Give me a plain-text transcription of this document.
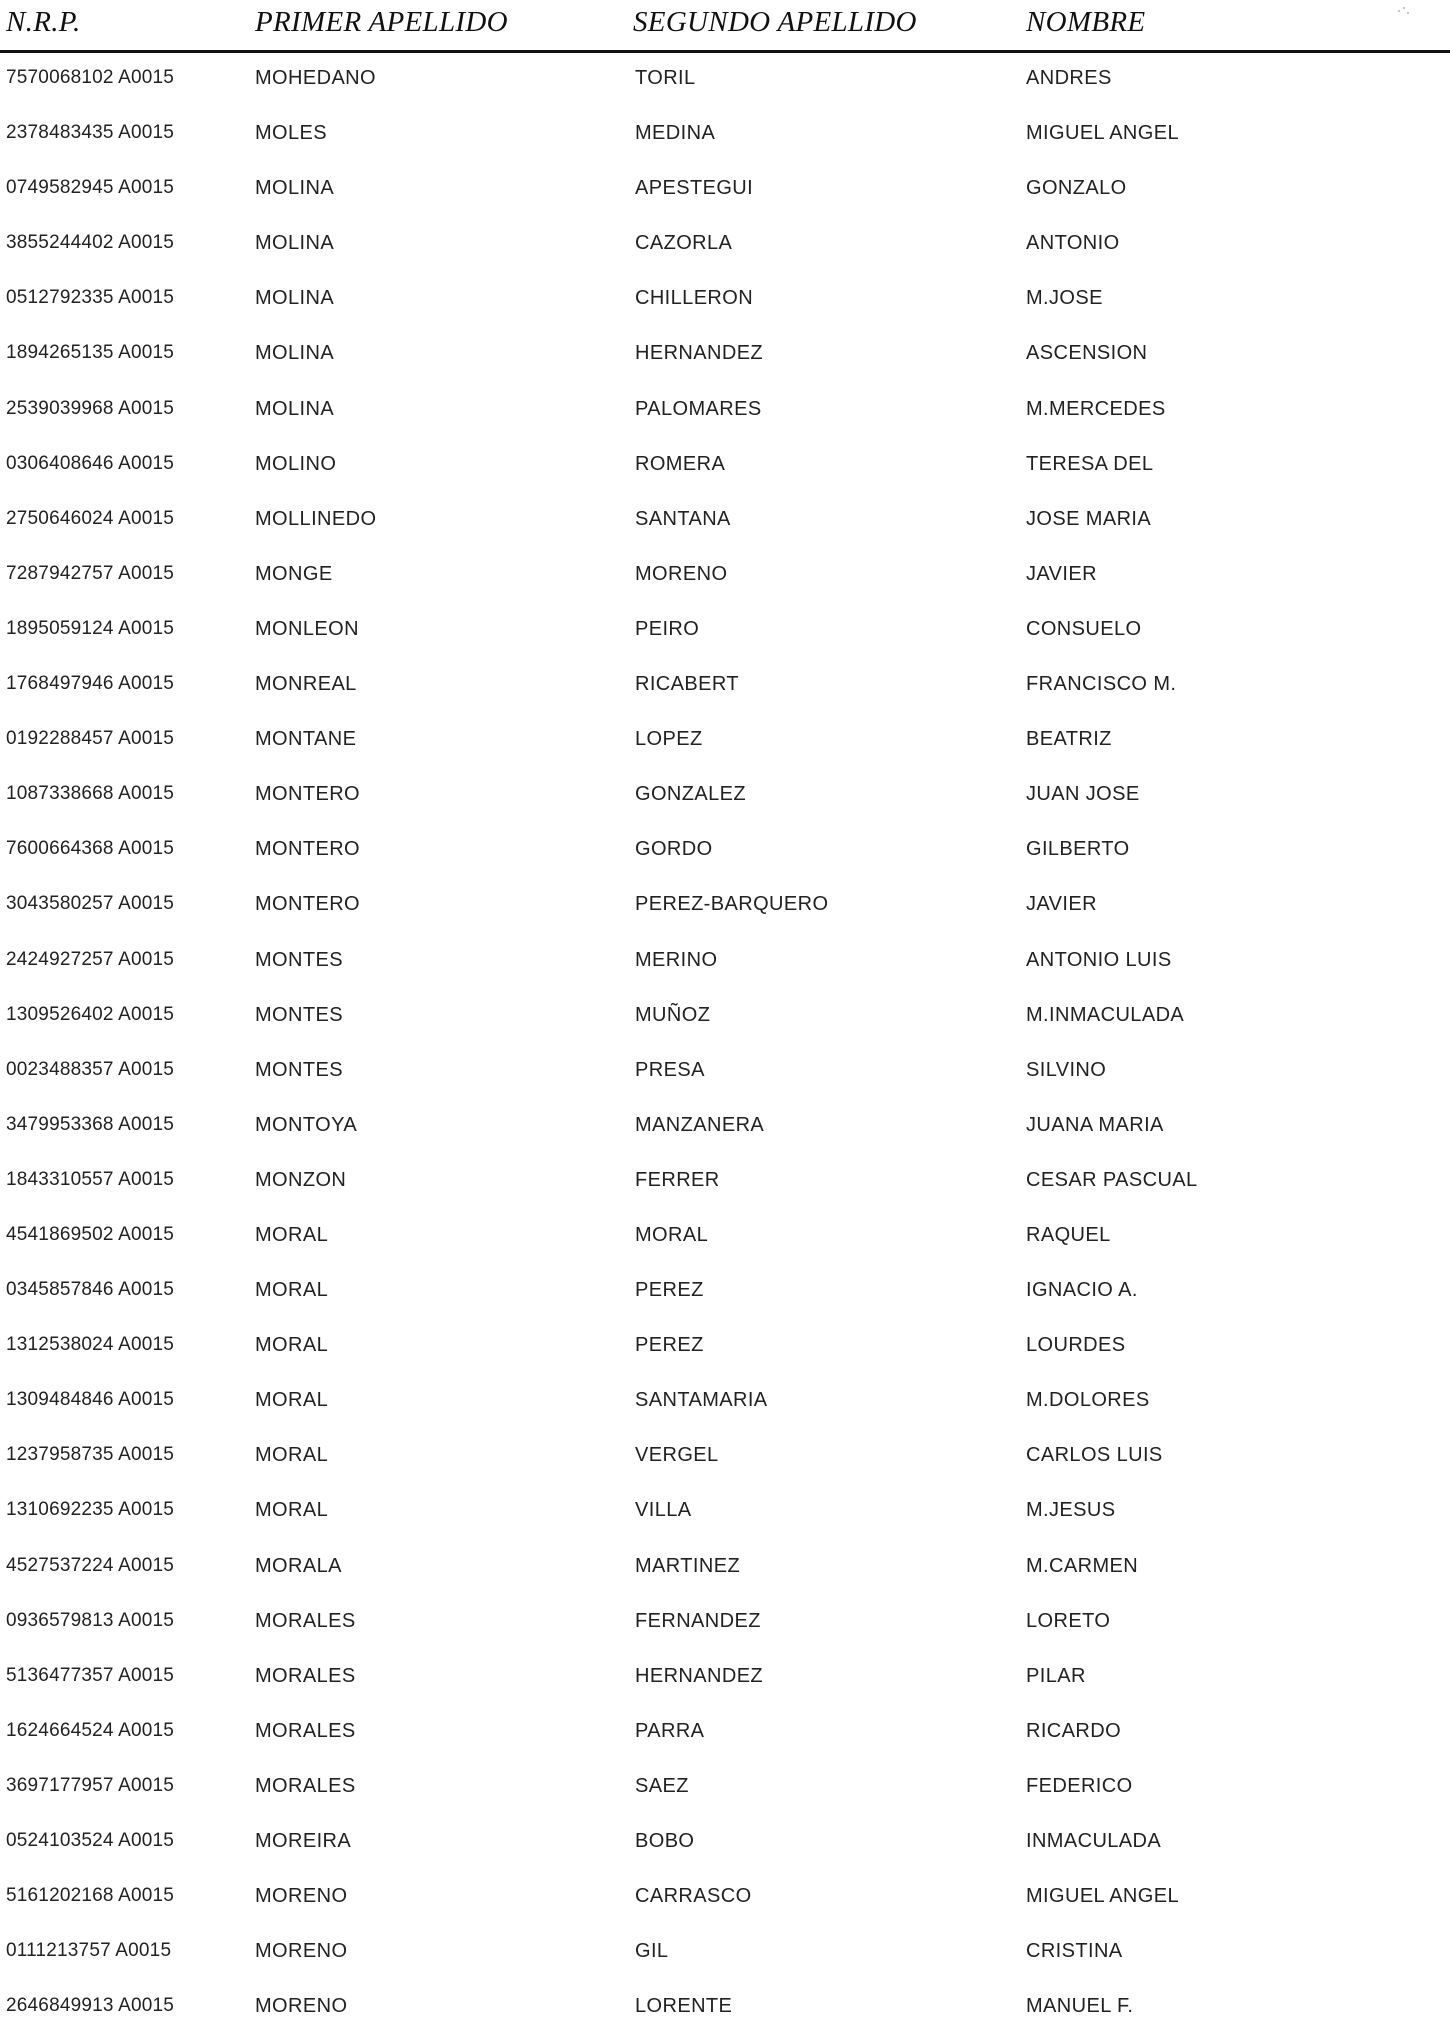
N.R.P.	PRIMER APELLIDO	SEGUNDO APELLIDO	NOMBRE
7570068102 A0015	MOHEDANO	TORIL	ANDRES
2378483435 A0015	MOLES	MEDINA	MIGUEL ANGEL
0749582945 A0015	MOLINA	APESTEGUI	GONZALO
3855244402 A0015	MOLINA	CAZORLA	ANTONIO
0512792335 A0015	MOLINA	CHILLERON	M.JOSE
1894265135 A0015	MOLINA	HERNANDEZ	ASCENSION
2539039968 A0015	MOLINA	PALOMARES	M.MERCEDES
0306408646 A0015	MOLINO	ROMERA	TERESA DEL
2750646024 A0015	MOLLINEDO	SANTANA	JOSE MARIA
7287942757 A0015	MONGE	MORENO	JAVIER
1895059124 A0015	MONLEON	PEIRO	CONSUELO
1768497946 A0015	MONREAL	RICABERT	FRANCISCO M.
0192288457 A0015	MONTANE	LOPEZ	BEATRIZ
1087338668 A0015	MONTERO	GONZALEZ	JUAN JOSE
7600664368 A0015	MONTERO	GORDO	GILBERTO
3043580257 A0015	MONTERO	PEREZ-BARQUERO	JAVIER
2424927257 A0015	MONTES	MERINO	ANTONIO LUIS
1309526402 A0015	MONTES	MUÑOZ	M.INMACULADA
0023488357 A0015	MONTES	PRESA	SILVINO
3479953368 A0015	MONTOYA	MANZANERA	JUANA MARIA
1843310557 A0015	MONZON	FERRER	CESAR PASCUAL
4541869502 A0015	MORAL	MORAL	RAQUEL
0345857846 A0015	MORAL	PEREZ	IGNACIO A.
1312538024 A0015	MORAL	PEREZ	LOURDES
1309484846 A0015	MORAL	SANTAMARIA	M.DOLORES
1237958735 A0015	MORAL	VERGEL	CARLOS LUIS
1310692235 A0015	MORAL	VILLA	M.JESUS
4527537224 A0015	MORALA	MARTINEZ	M.CARMEN
0936579813 A0015	MORALES	FERNANDEZ	LORETO
5136477357 A0015	MORALES	HERNANDEZ	PILAR
1624664524 A0015	MORALES	PARRA	RICARDO
3697177957 A0015	MORALES	SAEZ	FEDERICO
0524103524 A0015	MOREIRA	BOBO	INMACULADA
5161202168 A0015	MORENO	CARRASCO	MIGUEL ANGEL
0111213757 A0015	MORENO	GIL	CRISTINA
2646849913 A0015	MORENO	LORENTE	MANUEL F.
